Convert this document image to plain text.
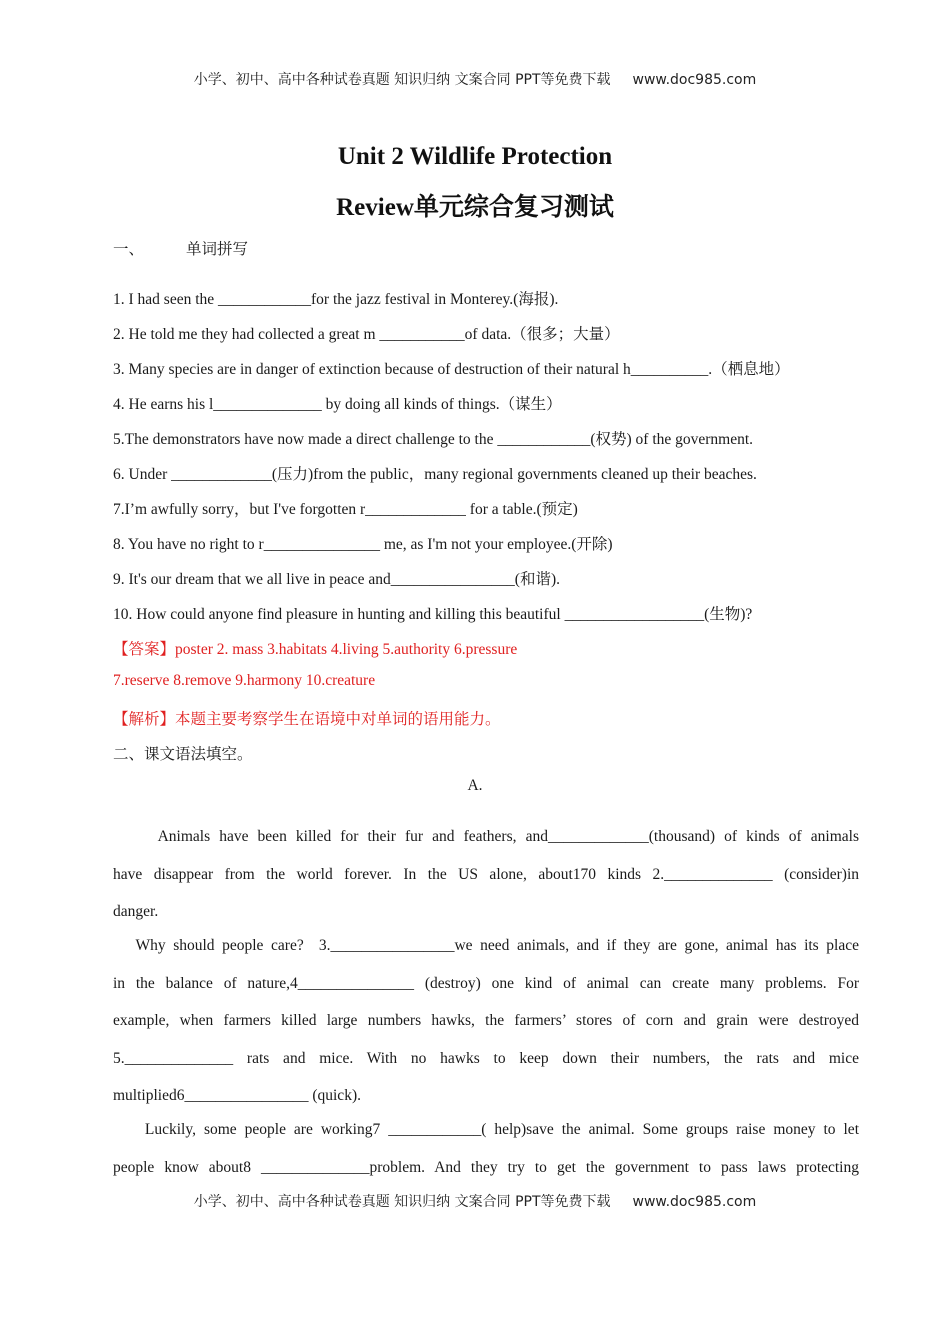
小学、初中、高中各种试卷真题 知识归纳 文案合同 PPT等免费下载 www.doc985.com
Unit 2 Wildlife Protection
Review单元综合复习测试
一、	单词拼写
1. I had seen the ____________for the jazz festival in Monterey.(海报).
2. He told me they had collected a great m ___________of data.（很多；大量）
3. Many species are in danger of extinction because of destruction of their natural h__________.（栖息地）
4. He earns his l______________ by doing all kinds of things.（谋生）
5.The demonstrators have now made a direct challenge to the ____________(权势) of the government.
6. Under _____________(压力)from the public，many regional governments cleaned up their beaches.
7.I’m awfully sorry，but I've forgotten r_____________ for a table.(预定)
8. You have no right to r_______________ me, as I'm not your employee.(开除)
9. It's our dream that we all live in peace and________________(和谐).
10. How could anyone find pleasure in hunting and killing this beautiful __________________(生物)?
【答案】poster 2. mass 3.habitats 4.living 5.authority 6.pressure
7.reserve 8.remove 9.harmony 10.creature
【解析】本题主要考察学生在语境中对单词的语用能力。
二、课文语法填空。
A.
Animals have been killed for their fur and feathers, and_____________(thousand) of kinds of animals
have disappear from the world forever. In the US alone, about170 kinds 2.______________ (consider)in
danger.
Why should people care?  3.________________we need animals, and if they are gone, animal has its place
in the balance of nature,4_______________ (destroy) one kind of animal can create many problems. For
example, when farmers killed large numbers hawks, the farmers’ stores of corn and grain were destroyed
5.______________ rats and mice. With no hawks to keep down their numbers, the rats and mice
multiplied6________________ (quick).
Luckily, some people are working7 ____________( help)save the animal. Some groups raise money to let
people know about8 ______________problem. And they try to get the government to pass laws protecting
小学、初中、高中各种试卷真题 知识归纳 文案合同 PPT等免费下载 www.doc985.com
